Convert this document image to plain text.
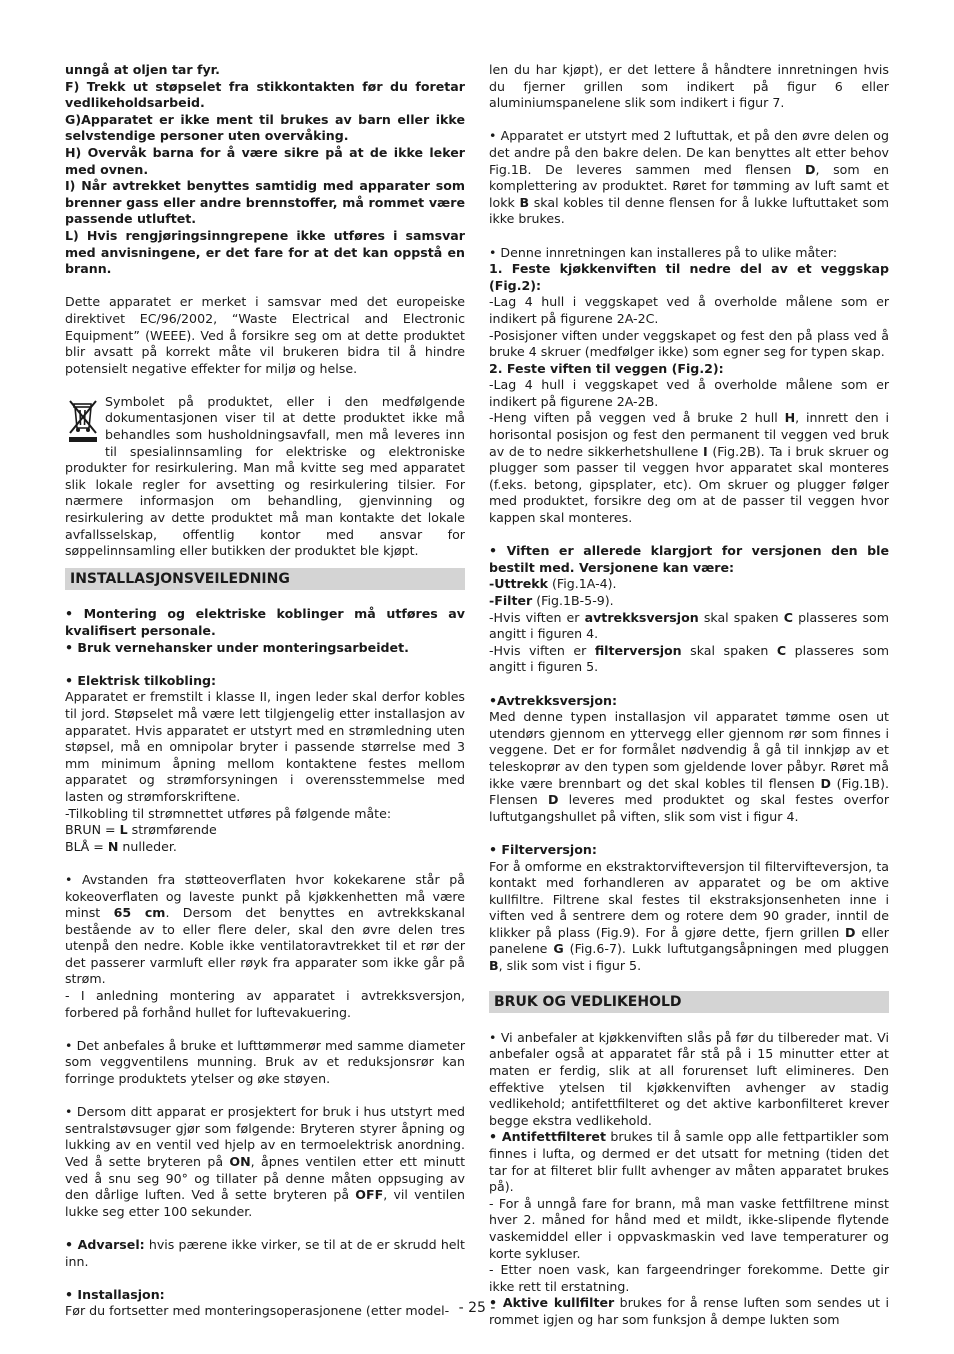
unngå at oljen tar fyr.

F) Trekk ut støpselet fra stikkontakten før du foretar vedlikeholdsarbeid.

G)Apparatet er ikke ment til brukes av barn eller ikke selvstendige personer uten overvåking.

H) Overvåk barna for å være sikre på at de ikke leker med ovnen.

I) Når avtrekket benyttes samtidig med apparater som brenner gass eller andre brennstoffer, må rommet være passende utluftet.

L) Hvis rengjøringsinngrepene ikke utføres i samsvar med anvisningene, er det fare for at det kan oppstå en brann.

Dette apparatet er merket i samsvar med det europeiske direktivet EC/96/2002, “Waste Electrical and Electronic Equipment” (WEEE). Ved å forsikre seg om at dette produktet blir avsatt på korrekt måte vil brukeren bidra til å hindre potensielt negative effekter for miljø og helse.

Symbolet på produktet, eller i den medfølgende dokumentasjonen viser til at dette produktet ikke må behandles som husholdningsavfall, men må leveres inn til spesialinnsamling for elektriske og elektroniske produkter for resirkulering. Man må kvitte seg med apparatet slik lokale regler for avsetting og resirkulering tilsier. For nærmere informasjon om behandling, gjenvinning og resirkulering av dette produktet må man kontakte det lokale avfallsselskap, offentlig kontor med ansvar for søppelinnsamling eller butikken der produktet ble kjøpt.

INSTALLASJONSVEILEDNING

• Montering og elektriske koblinger må utføres av kvalifisert personale.

• Bruk vernehansker under monteringsarbeidet.

• Elektrisk tilkobling:

Apparatet er fremstilt i klasse II, ingen leder skal derfor kobles til jord. Støpselet må være lett tilgjengelig etter installasjon av apparatet. Hvis apparatet er utstyrt med en strømledning uten støpsel, må en omnipolar bryter i passende størrelse med 3 mm minimum åpning mellom kontaktene festes mellom apparatet og strømforsyningen i overensstemmelse med lasten og strømforskriftene.

-Tilkobling til strømnettet utføres på følgende måte:

BRUN = L strømførende

BLÅ = N nulleder.

• Avstanden fra støtteoverflaten hvor kokekarene står på kokeoverflaten og laveste punkt på kjøkkenhetten må være minst 65 cm. Dersom det benyttes en avtrekkskanal bestående av to eller flere deler, skal den øvre delen tres utenpå den nedre. Koble ikke ventilatoravtrekket til et rør der det passerer varmluft eller røyk fra apparater som ikke går på strøm.

- I anledning montering av apparatet i avtrekksversjon, forbered på forhånd hullet for luftevakuering.

• Det anbefales å bruke et lufttømmerør med samme diameter som veggventilens munning. Bruk av et reduksjonsrør kan forringe produktets ytelser og øke støyen.

• Dersom ditt apparat er prosjektert for bruk i hus utstyrt med sentralstøvsuger gjør som følgende: Bryteren styrer åpning og lukking av en ventil ved hjelp av en termoelektrisk anordning. Ved å sette bryteren på ON, åpnes ventilen etter ett minutt ved å snu seg 90° og tillater på denne måten oppsuging av den dårlige luften. Ved å sette bryteren på OFF, vil ventilen lukke seg etter 100 sekunder.

• Advarsel: hvis pærene ikke virker, se til at de er skrudd helt inn.

• Installasjon:

Før du fortsetter med monteringsoperasjonene (etter model-

len du har kjøpt), er det lettere å håndtere innretningen hvis du fjerner grillen som indikert på figur 6 eller aluminiumspanelene slik som indikert i figur 7.

• Apparatet er utstyrt med 2 luftuttak, et på den øvre delen og det andre på den bakre delen. De kan benyttes alt etter behov Fig.1B. De leveres sammen med flensen D, som en komplettering av produktet. Røret for tømming av luft samt et lokk B skal kobles til denne flensen for å lukke luftuttaket som ikke brukes.

• Denne innretningen kan installeres på to ulike måter:

1. Feste kjøkkenviften til nedre del av et veggskap (Fig.2):

-Lag 4 hull i veggskapet ved å overholde målene som er indikert på figurene 2A-2C.

-Posisjoner viften under veggskapet og fest den på plass ved å bruke 4 skruer (medfølger ikke) som egner seg for typen skap.

2. Feste viften til veggen (Fig.2):

-Lag 4 hull i veggskapet ved å overholde målene som er indikert på figurene 2A-2B.

-Heng viften på veggen ved å bruke 2 hull H, innrett den i horisontal posisjon og fest den permanent til veggen ved bruk av de to nedre sikkerhetshullene I (Fig.2B). Ta i bruk skruer og plugger som passer til veggen hvor apparatet skal monteres (f.eks. betong, gipsplater, etc). Om skruer og plugger følger med produktet, forsikre deg om at de passer til veggen hvor kappen skal monteres.

• Viften er allerede klargjort for versjonen den ble bestilt med. Versjonene kan være:

-Uttrekk (Fig.1A-4).

-Filter (Fig.1B-5-9).

-Hvis viften er avtrekksversjon skal spaken C plasseres som angitt i figuren 4.

-Hvis viften er filterversjon skal spaken C plasseres som angitt i figuren 5.

•Avtrekksversjon:

Med denne typen installasjon vil apparatet tømme osen ut utendørs gjennom en yttervegg eller gjennom rør som finnes i veggene. Det er for formålet nødvendig å gå til innkjøp av et teleskoprør av den typen som gjeldende lover påbyr. Røret må ikke være brennbart og det skal kobles til flensen D (Fig.1B). Flensen D leveres med produktet og skal festes overfor luftutgangshullet på viften, slik som vist i figur 4.

• Filterversjon:

For å omforme en ekstraktorvifteversjon til filtervifteversjon, ta kontakt med forhandleren av apparatet og be om aktive kullfiltre. Filtrene skal festes til ekstraksjonsenheten inne i viften ved å sentrere dem og rotere dem 90 grader, inntil de klikker på plass (Fig.9). For å gjøre dette, fjern grillen D eller panelene G (Fig.6-7). Lukk luftutgangsåpningen med pluggen B, slik som vist i figur 5.

BRUK OG VEDLIKEHOLD

• Vi anbefaler at kjøkkenviften slås på før du tilbereder mat. Vi anbefaler også at apparatet får stå på i 15 minutter etter at maten er ferdig, slik at all forurenset luft elimineres. Den effektive ytelsen til kjøkkenviften avhenger av stadig vedlikehold; antifettfilteret og det aktive karbonfilteret krever begge ekstra vedlikehold.

• Antifettfilteret brukes til å samle opp alle fettpartikler som finnes i lufta, og dermed er det utsatt for metning (tiden det tar for at filteret blir fullt avhenger av måten apparatet brukes på).

- For å unngå fare for brann, må man vaske fettfiltrene minst hver 2. måned for hånd med et mildt, ikke-slipende flytende vaskemiddel eller i oppvaskmaskin ved lave temperaturer og korte sykluser.

- Etter noen vask, kan fargeendringer forekomme. Dette gir ikke rett til erstatning.

• Aktive kullfilter brukes for å rense luften som sendes ut i rommet igjen og har som funksjon å dempe lukten som

- 25 -
